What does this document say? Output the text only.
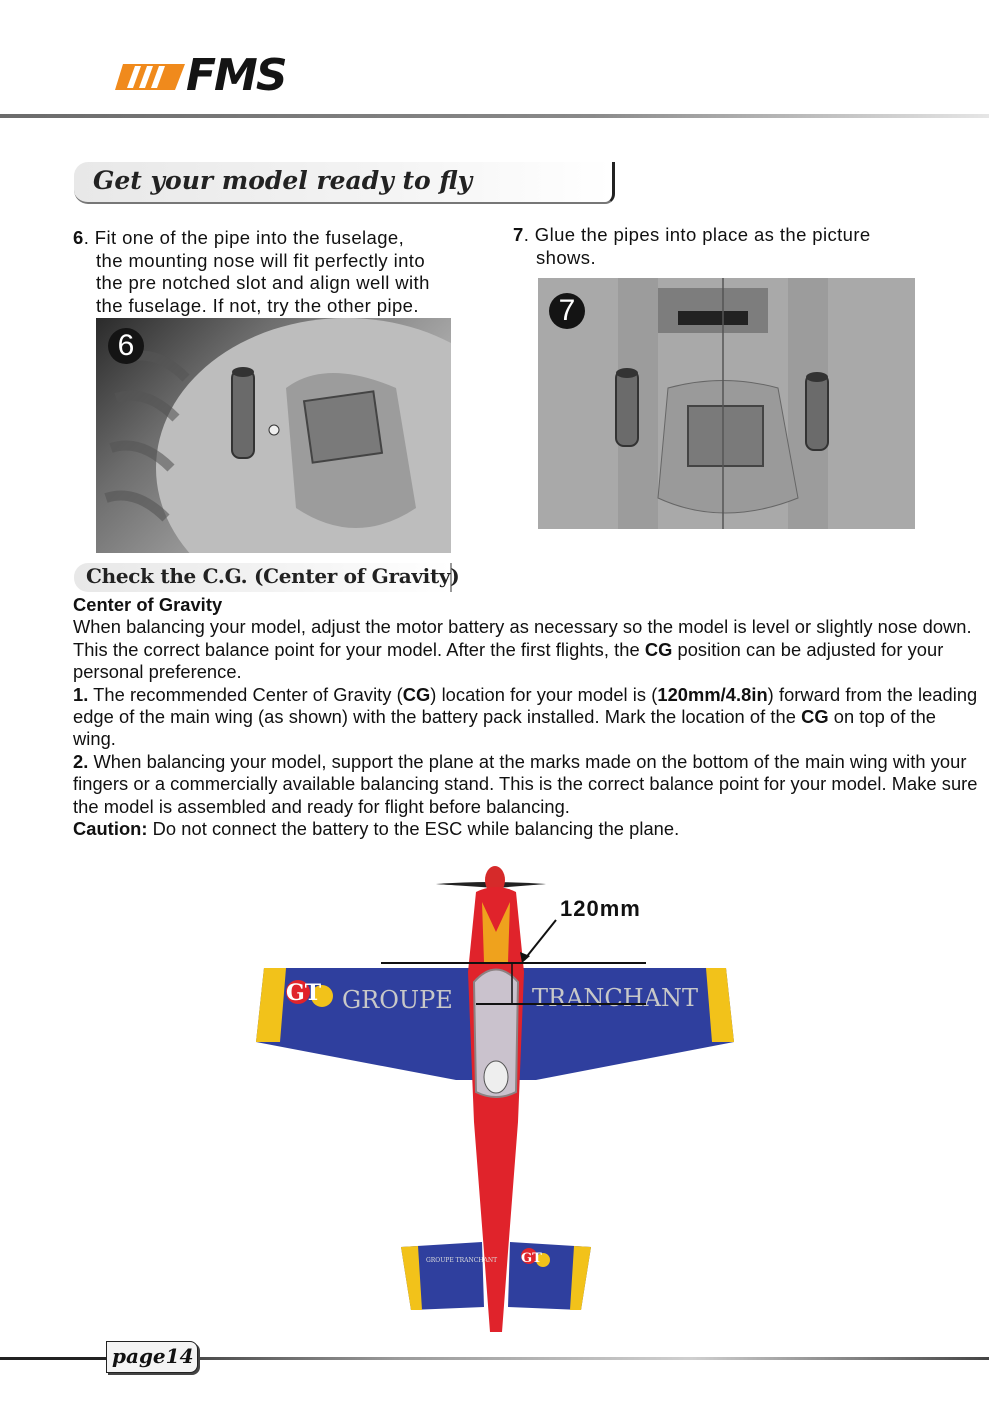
FMS
Get your model ready to fly
6. Fit one of the pipe into the fuselage,
the mounting nose will fit perfectly into
the pre notched slot and align well with
the fuselage. If not, try the other pipe.
7. Glue the pipes into place as the picture
shows.
6
7
Check the C.G. (Center of Gravity)

Center of Gravity

When balancing your model, adjust the motor battery as necessary so the model is level or slightly nose down. This the correct balance point for your model. After the first flights, the CG position can be adjusted for your personal preference.

1. The recommended Center of Gravity (CG) location for your model is (120mm/4.8in) forward from the leading edge of the main wing (as shown) with the battery pack installed. Mark the location of the CG on top of the wing.

2. When balancing your model, support the plane at the marks made on the bottom of the main wing with your fingers or a commercially available balancing stand. This is the correct balance point for your model. Make sure the model is assembled and ready for flight before balancing.

Caution: Do not connect the battery to the ESC while balancing the plane.

GT GROUPE	TRANCHANT
GROUPE TRANCHANT GT
120mm
page14
